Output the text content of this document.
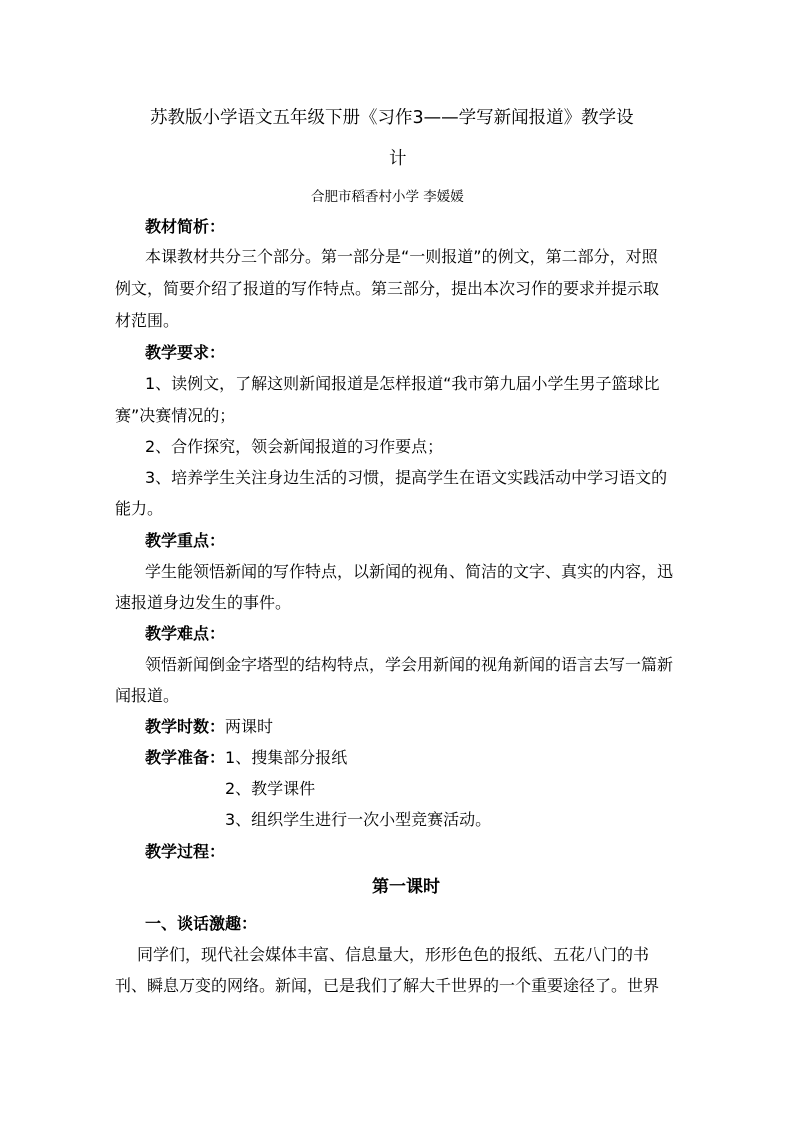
苏教版小学语文五年级下册《习作3——学写新闻报道》教学设
计
合肥市稻香村小学 李媛媛
教材简析：
本课教材共分三个部分。第一部分是“一则报道”的例文，第二部分，对照
例文，简要介绍了报道的写作特点。第三部分，提出本次习作的要求并提示取
材范围。
教学要求：
1、读例文，了解这则新闻报道是怎样报道“我市第九届小学生男子篮球比
赛”决赛情况的；
2、合作探究，领会新闻报道的习作要点；
3、培养学生关注身边生活的习惯，提高学生在语文实践活动中学习语文的
能力。
教学重点：
学生能领悟新闻的写作特点，以新闻的视角、简洁的文字、真实的内容，迅
速报道身边发生的事件。
教学难点：
领悟新闻倒金字塔型的结构特点，学会用新闻的视角新闻的语言去写一篇新
闻报道。
教学时数：两课时
教学准备：1、搜集部分报纸
2、教学课件
3、组织学生进行一次小型竞赛活动。
教学过程：
第一课时
一、谈话激趣：
同学们，现代社会媒体丰富、信息量大，形形色色的报纸、五花八门的书
刊、瞬息万变的网络。新闻，已是我们了解大千世界的一个重要途径了。世界
